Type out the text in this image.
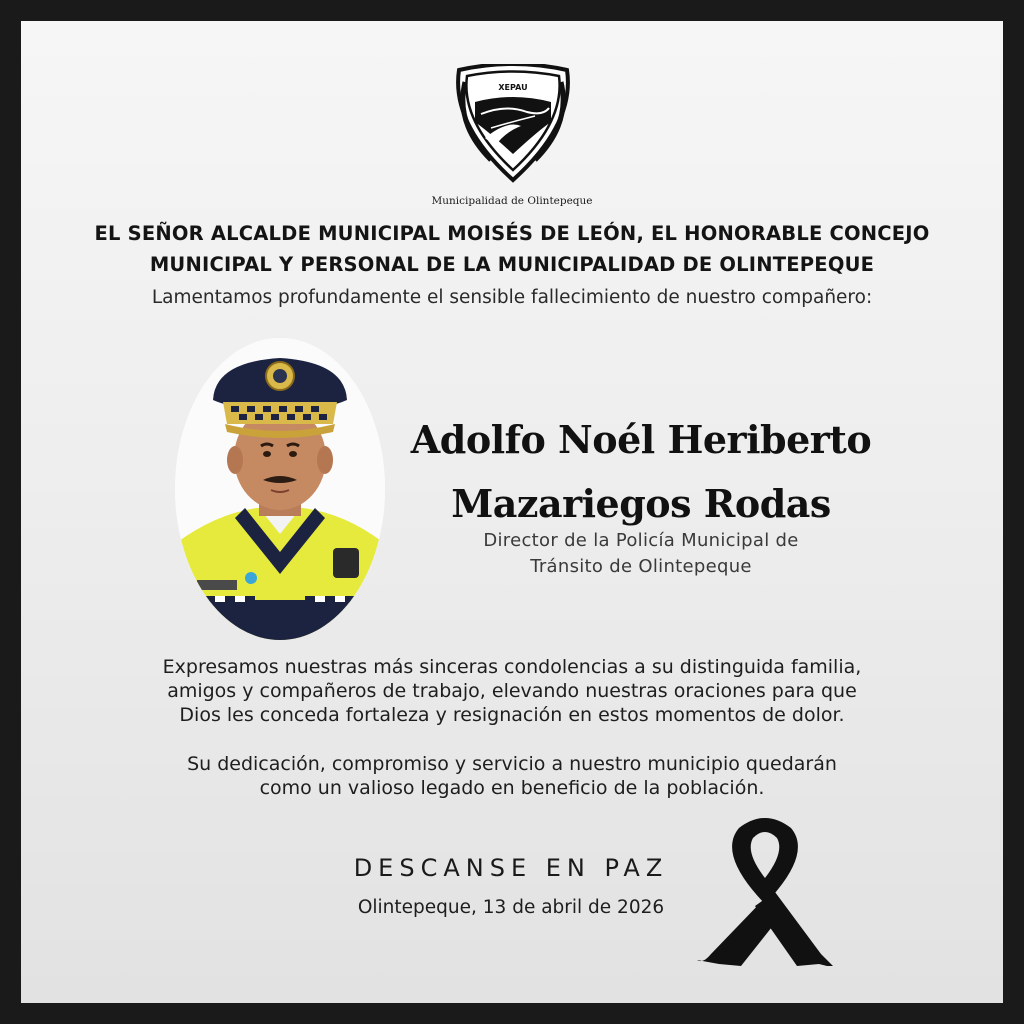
XEPAU
Municipalidad de Olintepeque
EL SEÑOR ALCALDE MUNICIPAL MOISÉS DE LEÓN, EL HONORABLE CONCEJO
MUNICIPAL Y PERSONAL DE LA MUNICIPALIDAD DE OLINTEPEQUE
Lamentamos profundamente el sensible fallecimiento de nuestro compañero:
Adolfo Noél Heriberto
Mazariegos Rodas
Director de la Policía Municipal de
Tránsito de Olintepeque
Expresamos nuestras más sinceras condolencias a su distinguida familia,
amigos y compañeros de trabajo, elevando nuestras oraciones para que
Dios les conceda fortaleza y resignación en estos momentos de dolor.
Su dedicación, compromiso y servicio a nuestro municipio quedarán
como un valioso legado en beneficio de la población.
DESCANSE EN PAZ
Olintepeque, 13 de abril de 2026
